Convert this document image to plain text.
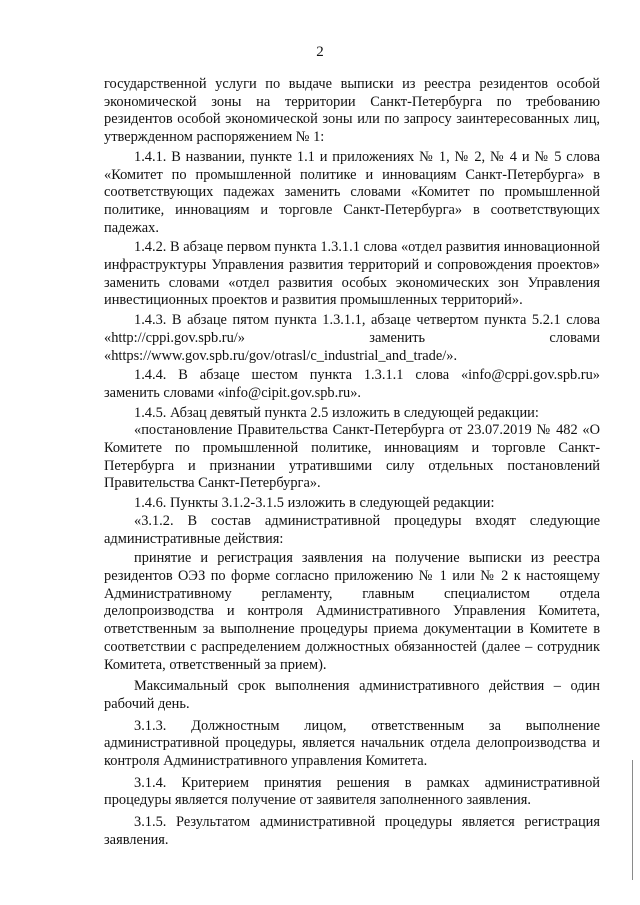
2

государственной услуги по выдаче выписки из реестра резидентов особой экономической зоны на территории Санкт-Петербурга по требованию резидентов особой экономической зоны или по запросу заинтересованных лиц, утвержденном распоряжением № 1:

1.4.1. В названии, пункте 1.1 и приложениях № 1, № 2, № 4 и № 5 слова «Комитет по промышленной политике и инновациям Санкт-Петербурга» в соответствующих падежах заменить словами «Комитет по промышленной политике, инновациям и торговле Санкт-Петербурга» в соответствующих падежах.

1.4.2. В абзаце первом пункта 1.3.1.1 слова «отдел развития инновационной инфраструктуры Управления развития территорий и сопровождения проектов» заменить словами «отдел развития особых экономических зон Управления инвестиционных проектов и развития промышленных территорий».

1.4.3. В абзаце пятом пункта 1.3.1.1, абзаце четвертом пункта 5.2.1 слова «http://cppi.gov.spb.ru/» заменить словами «https://www.gov.spb.ru/gov/otrasl/c_industrial_and_trade/».

1.4.4. В абзаце шестом пункта 1.3.1.1 слова «info@cppi.gov.spb.ru» заменить словами «info@cipit.gov.spb.ru».

1.4.5. Абзац девятый пункта 2.5 изложить в следующей редакции:

«постановление Правительства Санкт-Петербурга от 23.07.2019 № 482 «О Комитете по промышленной политике, инновациям и торговле Санкт-Петербурга и признании утратившими силу отдельных постановлений Правительства Санкт-Петербурга».

1.4.6. Пункты 3.1.2-3.1.5 изложить в следующей редакции:

«3.1.2. В состав административной процедуры входят следующие административные действия:

принятие и регистрация заявления на получение выписки из реестра резидентов ОЭЗ по форме согласно приложению № 1 или № 2 к настоящему Административному регламенту, главным специалистом отдела делопроизводства и контроля Административного Управления Комитета, ответственным за выполнение процедуры приема документации в Комитете в соответствии с распределением должностных обязанностей (далее – сотрудник Комитета, ответственный за прием).

Максимальный срок выполнения административного действия – один рабочий день.

3.1.3. Должностным лицом, ответственным за выполнение административной процедуры, является начальник отдела делопроизводства и контроля Административного управления Комитета.

3.1.4. Критерием принятия решения в рамках административной процедуры является получение от заявителя заполненного заявления.

3.1.5. Результатом административной процедуры является регистрация заявления.
